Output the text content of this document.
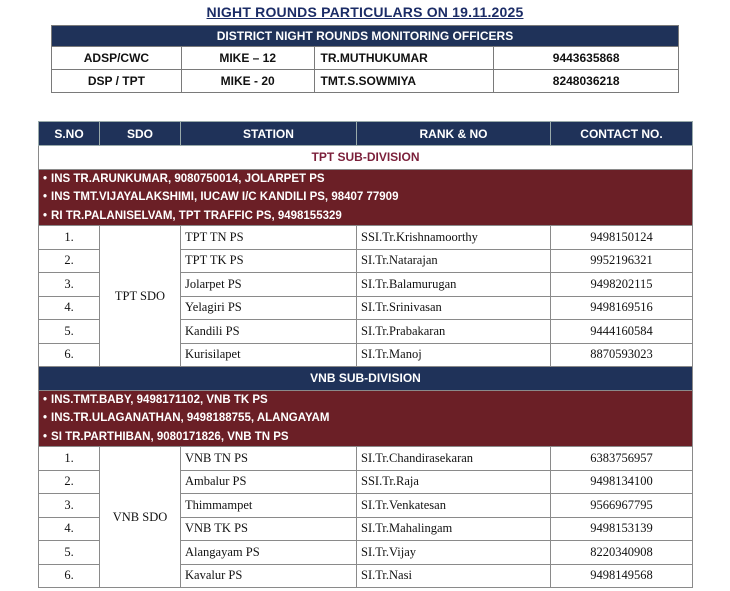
NIGHT ROUNDS PARTICULARS ON 19.11.2025
DISTRICT NIGHT ROUNDS MONITORING OFFICERS			
ADSP/CWC	MIKE – 12	TR.MUTHUKUMAR	9443635868
DSP / TPT	MIKE - 20	TMT.S.SOWMIYA	8248036218
S.NO	SDO	STATION	RANK & NO	CONTACT NO.
TPT SUB-DIVISION				
• INS TR.ARUNKUMAR, 9080750014, JOLARPET PS				
• INS TMT.VIJAYALAKSHIMI, IUCAW I/C KANDILI PS, 98407 77909				
• RI TR.PALANISELVAM, TPT TRAFFIC PS, 9498155329				
1.	TPT SDO	TPT TN PS	SSI.Tr.Krishnamoorthy	9498150124
2.		TPT TK PS	SI.Tr.Natarajan	9952196321
3.		Jolarpet PS	SI.Tr.Balamurugan	9498202115
4.		Yelagiri PS	SI.Tr.Srinivasan	9498169516
5.		Kandili PS	SI.Tr.Prabakaran	9444160584
6.		Kurisilapet	SI.Tr.Manoj	8870593023
VNB SUB-DIVISION				
• INS.TMT.BABY, 9498171102, VNB TK PS				
• INS.TR.ULAGANATHAN, 9498188755, ALANGAYAM				
• SI TR.PARTHIBAN, 9080171826, VNB TN PS				
1.	VNB SDO	VNB TN PS	SI.Tr.Chandirasekaran	6383756957
2.		Ambalur PS	SSI.Tr.Raja	9498134100
3.		Thimmampet	SI.Tr.Venkatesan	9566967795
4.		VNB TK PS	SI.Tr.Mahalingam	9498153139
5.		Alangayam PS	SI.Tr.Vijay	8220340908
6.		Kavalur PS	SI.Tr.Nasi	9498149568
